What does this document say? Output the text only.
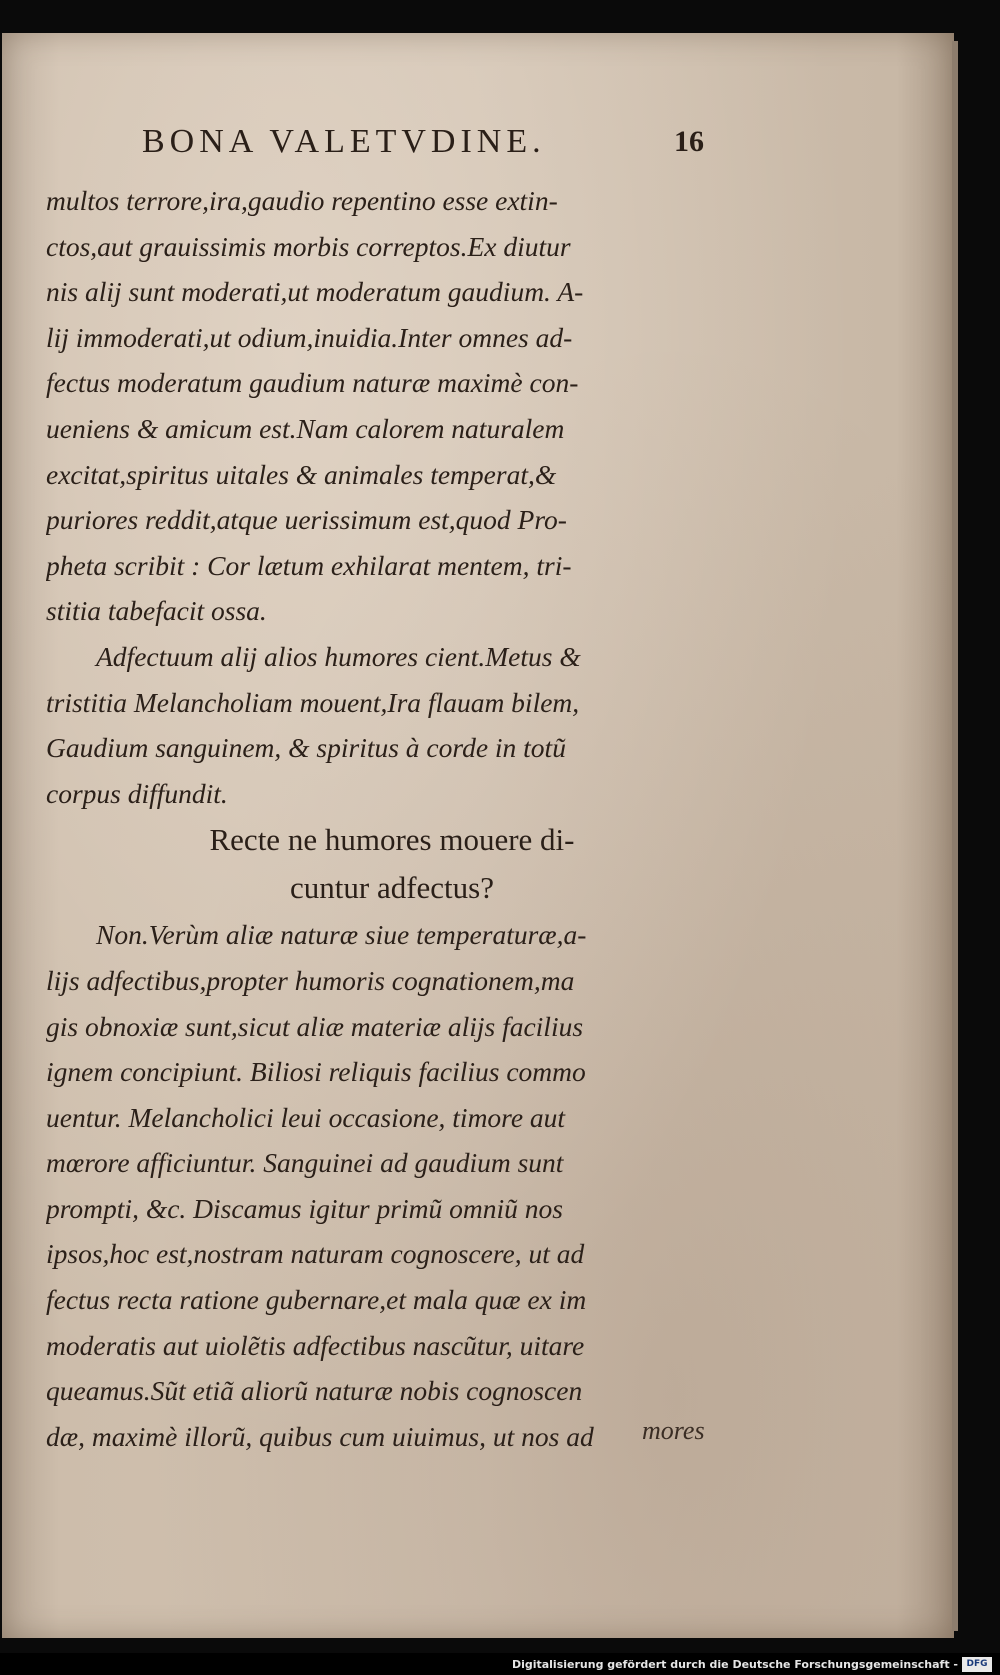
BONA VALETVDINE.	16
multos terrore,ira,gaudio repentino esse extin-
ctos,aut grauissimis morbis correptos.Ex diutur
nis alij sunt moderati,ut moderatum gaudium. A-
lij immoderati,ut odium,inuidia.Inter omnes ad-
fectus moderatum gaudium naturæ maximè con-
ueniens & amicum est.Nam calorem naturalem
excitat,spiritus uitales & animales temperat,&
puriores reddit,atque uerissimum est,quod Pro-
pheta scribit : Cor lætum exhilarat mentem, tri-
stitia tabefacit ossa.
Adfectuum alij alios humores cient.Metus &
tristitia Melancholiam mouent,Ira flauam bilem,
Gaudium sanguinem, & spiritus à corde in totũ
corpus diffundit.
Recte ne humores mouere di-
cuntur adfectus?
Non.Verùm aliæ naturæ siue temperaturæ,a-
lijs adfectibus,propter humoris cognationem,ma
gis obnoxiæ sunt,sicut aliæ materiæ alijs facilius
ignem concipiunt. Biliosi reliquis facilius commo
uentur. Melancholici leui occasione, timore aut
mœrore afficiuntur. Sanguinei ad gaudium sunt
prompti, &c. Discamus igitur primũ omniũ nos
ipsos,hoc est,nostram naturam cognoscere, ut ad
fectus recta ratione gubernare,et mala quæ ex im
moderatis aut uiolẽtis adfectibus nascũtur, uitare
queamus.Sũt etiã aliorũ naturæ nobis cognoscen
dæ, maximè illorũ, quibus cum uiuimus, ut nos ad	mores
Digitalisierung gefördert durch die Deutsche Forschungsgemeinschaft - DFG
